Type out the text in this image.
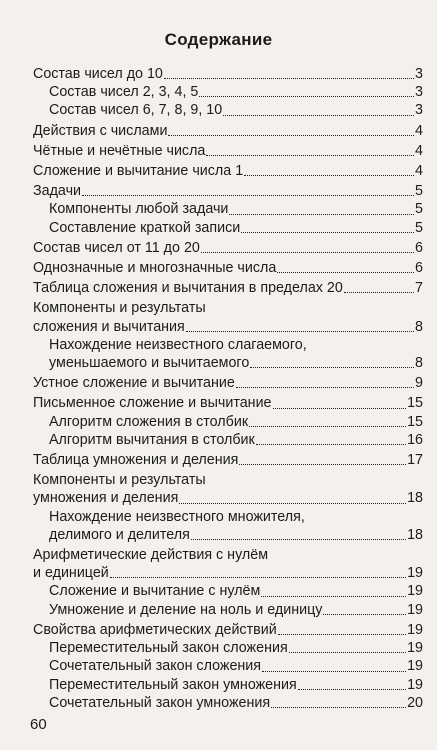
Содержание
Состав чисел до 10	3
Состав чисел 2, 3, 4, 5	3
Состав чисел 6, 7, 8, 9, 10	3
Действия с числами	4
Чётные и нечётные числа	4
Сложение и вычитание числа 1	4
Задачи	5
Компоненты любой задачи	5
Составление краткой записи	5
Состав чисел от 11 до 20	6
Однозначные и многозначные числа	6
Таблица сложения и вычитания в пределах 20	7
Компоненты и результаты
сложения и вычитания	8
Нахождение неизвестного слагаемого,
уменьшаемого и вычитаемого	8
Устное сложение и вычитание	9
Письменное сложение и вычитание	15
Алгоритм сложения в столбик	15
Алгоритм вычитания в столбик	16
Таблица умножения и деления	17
Компоненты и результаты
умножения и деления	18
Нахождение неизвестного множителя,
делимого и делителя	18
Арифметические действия с нулём
и единицей	19
Сложение и вычитание с нулём	19
Умножение и деление на ноль и единицу	19
Свойства арифметических действий	19
Переместительный закон сложения	19
Сочетательный закон сложения	19
Переместительный закон умножения	19
Сочетательный закон умножения	20
60
